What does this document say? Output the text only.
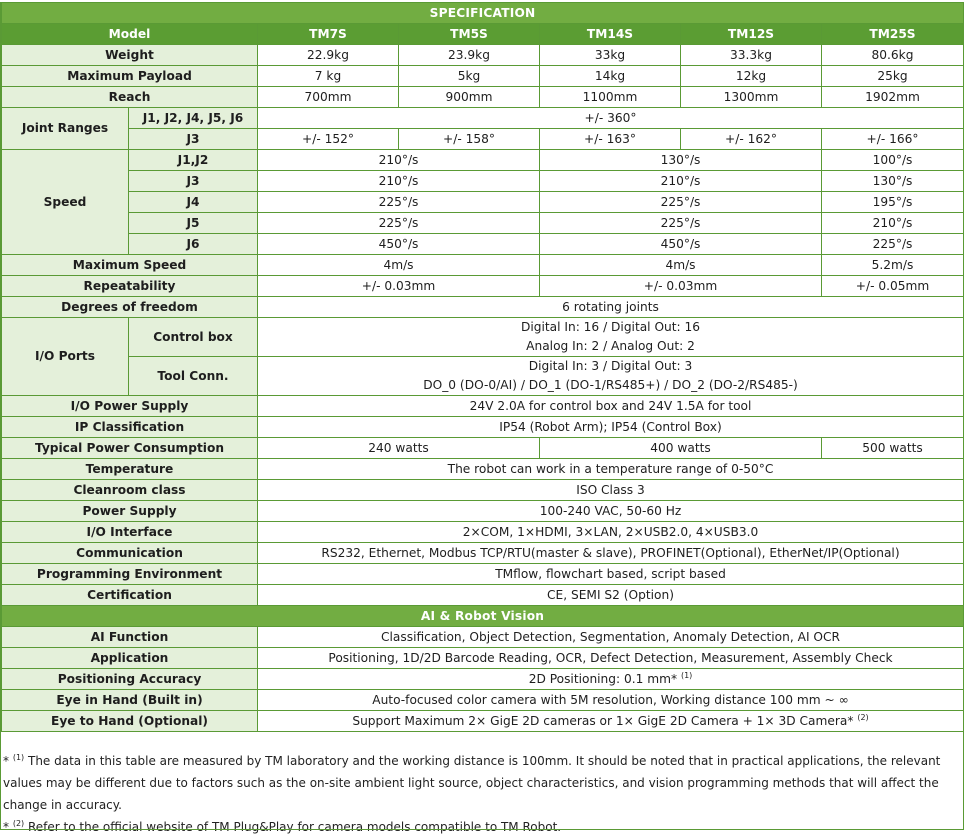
SPECIFICATION						
Model		TM7S	TM5S	TM14S	TM12S	TM25S
Weight		22.9kg	23.9kg	33kg	33.3kg	80.6kg
Maximum Payload		7 kg	5kg	14kg	12kg	25kg
Reach		700mm	900mm	1100mm	1300mm	1902mm
Joint Ranges	J1, J2, J4, J5, J6	+/- 360°				
	J3	+/- 152°	+/- 158°	+/- 163°	+/- 162°	+/- 166°
Speed	J1,J2	210°/s		130°/s		100°/s
	J3	210°/s		210°/s		130°/s
	J4	225°/s		225°/s		195°/s
	J5	225°/s		225°/s		210°/s
	J6	450°/s		450°/s		225°/s
Maximum Speed		4m/s		4m/s		5.2m/s
Repeatability		+/- 0.03mm		+/- 0.03mm		+/- 0.05mm
Degrees of freedom		6 rotating joints				
I/O Ports	Control box	Digital In: 16 / Digital Out: 16
Analog In: 2 / Analog Out: 2				

	Tool Conn.	Digital In: 3 / Digital Out: 3
DO_0 (DO-0/AI) / DO_1 (DO-1/RS485+) / DO_2 (DO-2/RS485-)				

I/O Power Supply		24V 2.0A for control box and 24V 1.5A for tool				
IP Classification		IP54 (Robot Arm); IP54 (Control Box)				
Typical Power Consumption		240 watts		400 watts		500 watts
Temperature		The robot can work in a temperature range of 0-50°C				
Cleanroom class		ISO Class 3				
Power Supply		100-240 VAC, 50-60 Hz				
I/O Interface		2×COM, 1×HDMI, 3×LAN, 2×USB2.0, 4×USB3.0				
Communication		RS232, Ethernet, Modbus TCP/RTU(master & slave), PROFINET(Optional), EtherNet/IP(Optional)				
Programming Environment		TMflow, flowchart based, script based				
Certification		CE, SEMI S2 (Option)				
AI & Robot Vision						
AI Function		Classification, Object Detection, Segmentation, Anomaly Detection, AI OCR				
Application		Positioning, 1D/2D Barcode Reading, OCR, Defect Detection, Measurement, Assembly Check				
Positioning Accuracy		2D Positioning: 0.1 mm* $^{(1)}$
Eye in Hand (Built in)		Auto-focused color camera with 5M resolution, Working distance 100 mm ~ ∞				
Eye to Hand (Optional)		Support Maximum 2× GigE 2D cameras or 1× GigE 2D Camera + 1× 3D Camera* $^{(2)}$

* $^{(1)}$ The data in this table are measured by TM laboratory and the working distance is 100mm. It should be noted that in practical applications, the relevant values may be different due to factors such as the on-site ambient light source, object characteristics, and vision programming methods that will affect the change in accuracy.

* $^{(2)}$ Refer to the official website of TM Plug&Play for camera models compatible to TM Robot.
